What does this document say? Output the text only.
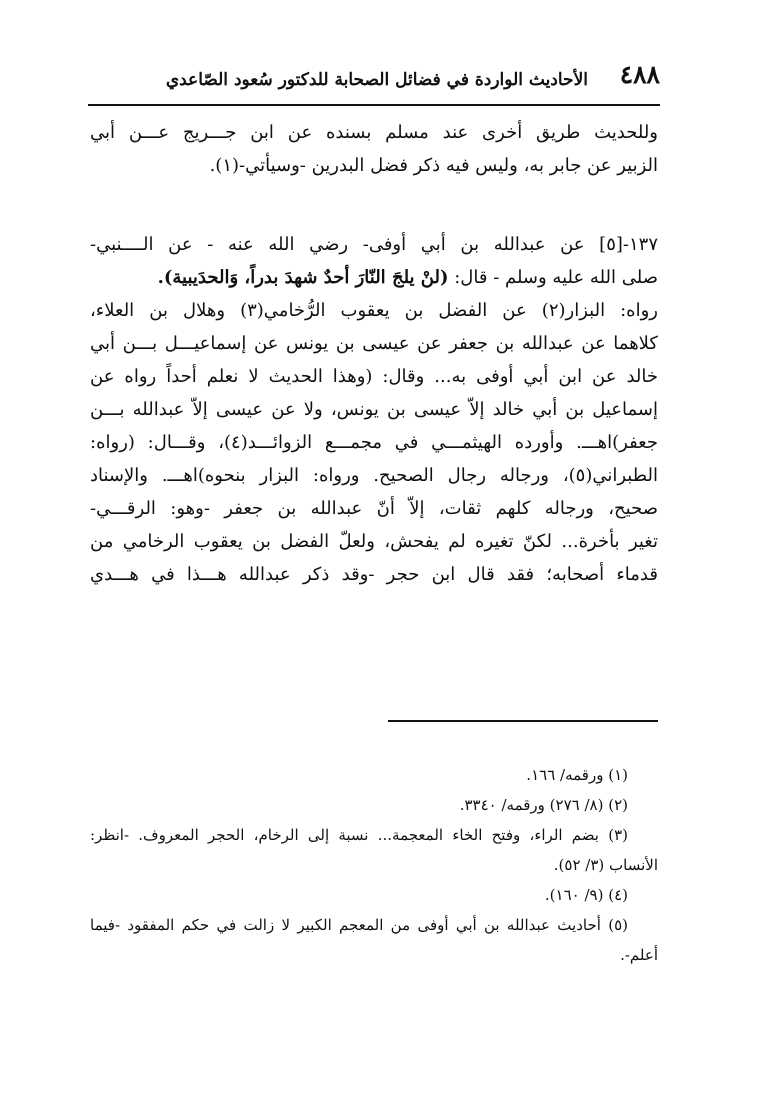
٤٨٨
الأحاديث الواردة في فضائل الصحابة للدكتور سُعود الصّاعدي

وللحديث طريق أخرى عند مسلم بسنده عن ابن جـــريج عـــن أبي
الزبير عن جابر به، وليس فيه ذكر فضل البدرين -وسيأتي-(١).

١٣٧-[٥] عن عبدالله بن أبي أوفى- رضي الله عنه - عن الــــنبي-
صلى الله عليه وسلم - قال: (لنْ يلجَ النّارَ أحدٌ شهدَ بدراً، وَالحدَيبية).
رواه: البزار(٢) عن الفضل بن يعقوب الرُّخامي(٣) وهلال بن العلاء،
كلاهما عن عبدالله بن جعفر عن عيسى بن يونس عن إسماعيـــل بـــن أبي
خالد عن ابن أبي أوفى به... وقال: (وهذا الحديث لا نعلم أحداً رواه عن
إسماعيل بن أبي خالد إلاّ عيسى بن يونس، ولا عن عيسى إلاّ عبدالله بـــن
جعفر)اهـــ. وأورده الهيثمـــي في مجمـــع الزوائـــد(٤)، وقـــال: (رواه:
الطبراني(٥)، ورجاله رجال الصحيح. ورواه: البزار بنحوه)اهـــ. والإسناد
صحيح، ورجاله كلهم ثقات، إلاّ أنّ عبدالله بن جعفر -وهو: الرقـــي-
تغير بأخرة... لكنّ تغيره لم يفحش، ولعلّ الفضل بن يعقوب الرخامي من
قدماء أصحابه؛ فقد قال ابن حجر -وقد ذكر عبدالله هـــذا في هـــدي

(١) ورقمه/ ١٦٦.
(٢) (٨/ ٢٧٦) ورقمه/ ٣٣٤٠.
(٣) بضم الراء، وفتح الخاء المعجمة... نسبة إلى الرخام، الحجر المعروف. -انظر:
الأنساب (٣/ ٥٢).
(٤) (٩/ ١٦٠).
(٥) أحاديث عبدالله بن أبي أوفى من المعجم الكبير لا زالت في حكم المفقود -فيما
أعلم-.
